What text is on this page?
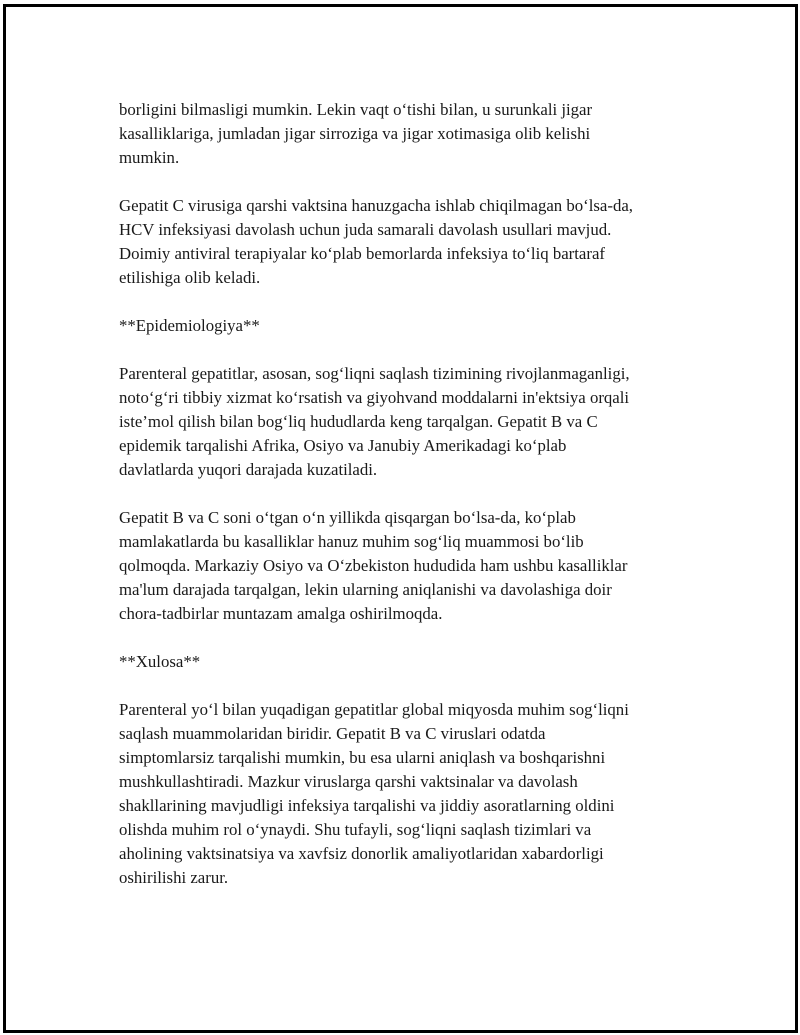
borligini bilmasligi mumkin. Lekin vaqt o‘tishi bilan, u surunkali jigar
kasalliklariga, jumladan jigar sirroziga va jigar xotimasiga olib kelishi
mumkin.

Gepatit C virusiga qarshi vaktsina hanuzgacha ishlab chiqilmagan bo‘lsa-da,
HCV infeksiyasi davolash uchun juda samarali davolash usullari mavjud.
Doimiy antiviral terapiyalar ko‘plab bemorlarda infeksiya to‘liq bartaraf
etilishiga olib keladi.

**Epidemiologiya**

Parenteral gepatitlar, asosan, sog‘liqni saqlash tizimining rivojlanmaganligi,
noto‘g‘ri tibbiy xizmat ko‘rsatish va giyohvand moddalarni in'ektsiya orqali
iste’mol qilish bilan bog‘liq hududlarda keng tarqalgan. Gepatit B va C
epidemik tarqalishi Afrika, Osiyo va Janubiy Amerikadagi ko‘plab
davlatlarda yuqori darajada kuzatiladi.

Gepatit B va C soni o‘tgan o‘n yillikda qisqargan bo‘lsa-da, ko‘plab
mamlakatlarda bu kasalliklar hanuz muhim sog‘liq muammosi bo‘lib
qolmoqda. Markaziy Osiyo va O‘zbekiston hududida ham ushbu kasalliklar
ma'lum darajada tarqalgan, lekin ularning aniqlanishi va davolashiga doir
chora-tadbirlar muntazam amalga oshirilmoqda.

**Xulosa**

Parenteral yo‘l bilan yuqadigan gepatitlar global miqyosda muhim sog‘liqni
saqlash muammolaridan biridir. Gepatit B va C viruslari odatda
simptomlarsiz tarqalishi mumkin, bu esa ularni aniqlash va boshqarishni
mushkullashtiradi. Mazkur viruslarga qarshi vaktsinalar va davolash
shakllarining mavjudligi infeksiya tarqalishi va jiddiy asoratlarning oldini
olishda muhim rol o‘ynaydi. Shu tufayli, sog‘liqni saqlash tizimlari va
aholining vaktsinatsiya va xavfsiz donorlik amaliyotlaridan xabardorligi
oshirilishi zarur.
